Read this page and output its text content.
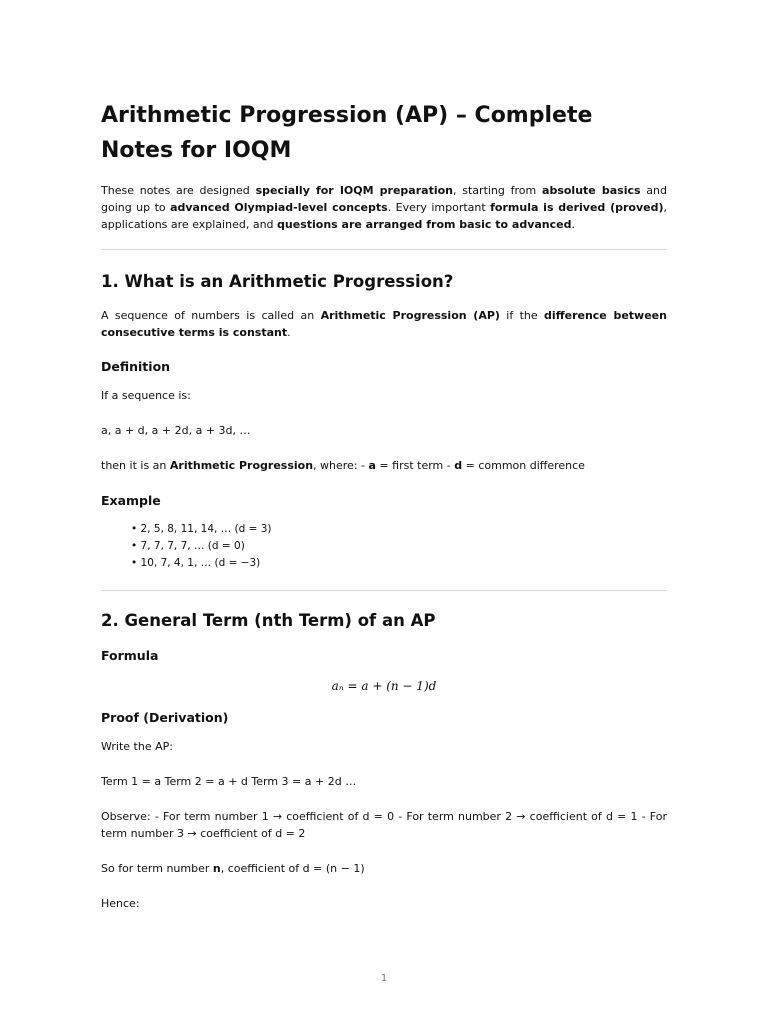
Arithmetic Progression (AP) – Complete Notes for IOQM

These notes are designed specially for IOQM preparation, starting from absolute basics and going up to advanced Olympiad-level concepts. Every important formula is derived (proved), applications are explained, and questions are arranged from basic to advanced.

1. What is an Arithmetic Progression?

A sequence of numbers is called an Arithmetic Progression (AP) if the difference between consecutive terms is constant.

Definition

If a sequence is:

a, a + d, a + 2d, a + 3d, …

then it is an Arithmetic Progression, where: - a = first term - d = common difference

Example
• 2, 5, 8, 11, 14, … (d = 3)
• 7, 7, 7, 7, … (d = 0)
• 10, 7, 4, 1, … (d = −3)
2. General Term (nth Term) of an AP
Formula
aₙ = a + (n − 1)d
Proof (Derivation)

Write the AP:

Term 1 = a Term 2 = a + d Term 3 = a + 2d …

Observe: - For term number 1 → coefficient of d = 0 - For term number 2 → coefficient of d = 1 - For term number 3 → coefficient of d = 2

So for term number n, coefficient of d = (n − 1)

Hence:

1
